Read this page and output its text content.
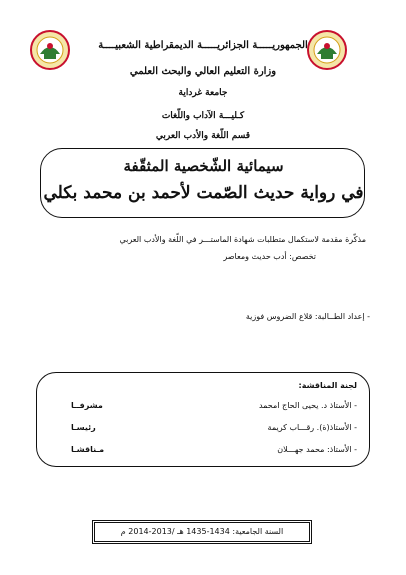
الجمهوريـــــة الجزائريـــــة الديمقراطية الشعبيــــة
وزارة التعليم العالي والبحث العلمي
جامعة غرداية
كـليـــة الآداب واللّغات
قسم اللّغة والأدب العربي
سيمائية الشّخصية المثقّفة
في رواية حديث الصّمت لأحمد بن محمد بكلي
مذكّرة مقدمة لاستكمال متطلبات شهادة الماستـــر في اللّغة والأدب العربي
تخصص: أدب حديث ومعاصر
- إعداد الطــالبة: قلاع الضروس فوزية
لجنة المناقشة:
- الأستاذ د. يحيى الحاج امحمد
مشرفــا
- الأستاذ(ة). رقـــاب كريمة
رئيسـا
- الأستاذ: محمد جهـــلان
مـناقشـا
السنة الجامعية: 1434-1435 هـ /2013-2014 م
